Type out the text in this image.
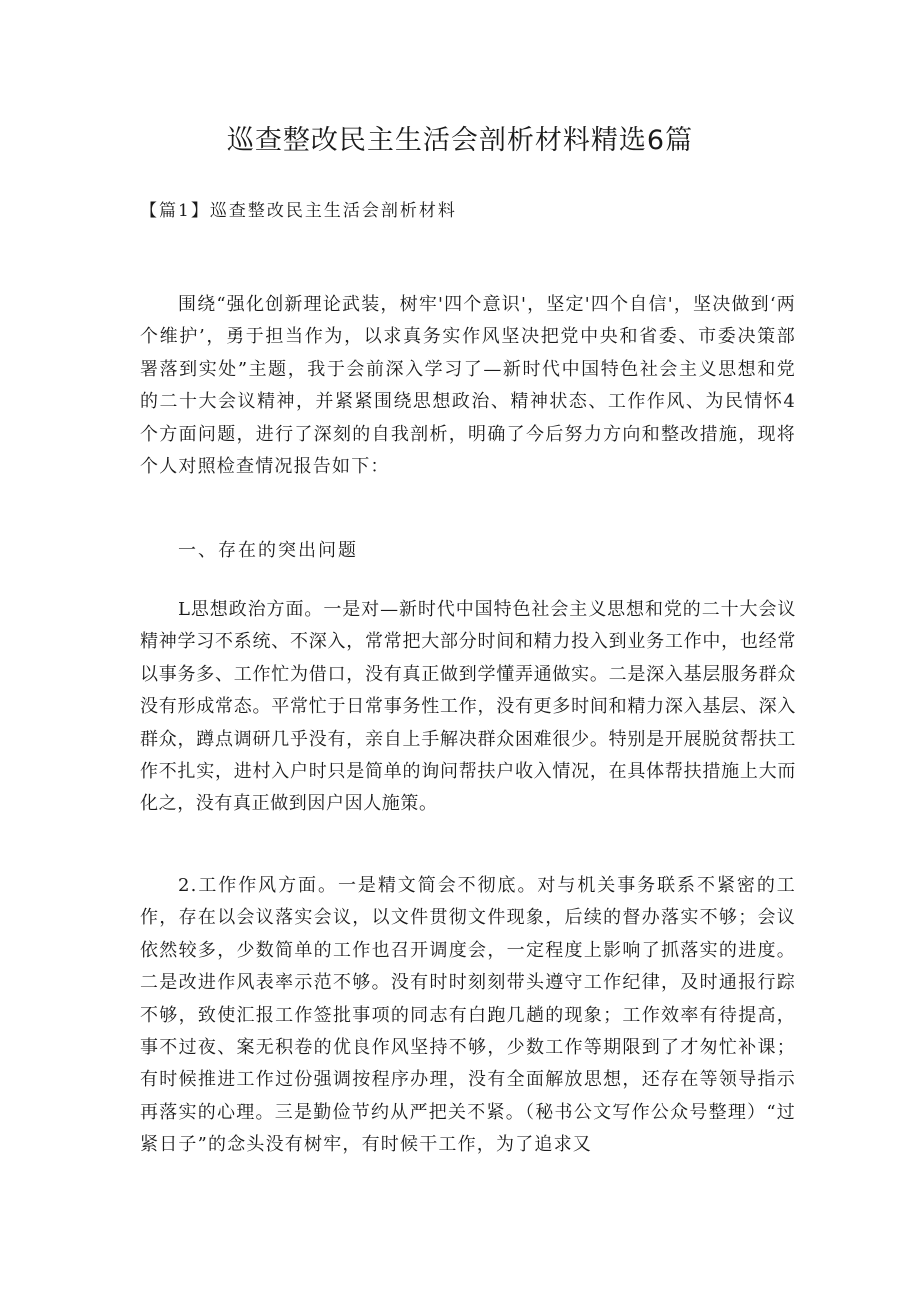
巡查整改民主生活会剖析材料精选6篇

【篇1】巡查整改民主生活会剖析材料

围绕“强化创新理论武装，树牢'四个意识'，坚定'四个自信'，坚决做到‘两个维护’，勇于担当作为，以求真务实作风坚决把党中央和省委、市委决策部署落到实处”主题，我于会前深入学习了—新时代中国特色社会主义思想和党的二十大会议精神，并紧紧围绕思想政治、精神状态、工作作风、为民情怀4个方面问题，进行了深刻的自我剖析，明确了今后努力方向和整改措施，现将个人对照检查情况报告如下：

一、存在的突出问题

L思想政治方面。一是对—新时代中国特色社会主义思想和党的二十大会议精神学习不系统、不深入，常常把大部分时间和精力投入到业务工作中，也经常以事务多、工作忙为借口，没有真正做到学懂弄通做实。二是深入基层服务群众没有形成常态。平常忙于日常事务性工作，没有更多时间和精力深入基层、深入群众，蹲点调研几乎没有，亲自上手解决群众困难很少。特别是开展脱贫帮扶工作不扎实，进村入户时只是简单的询问帮扶户收入情况，在具体帮扶措施上大而化之，没有真正做到因户因人施策。

2.工作作风方面。一是精文简会不彻底。对与机关事务联系不紧密的工作，存在以会议落实会议，以文件贯彻文件现象，后续的督办落实不够；会议依然较多，少数简单的工作也召开调度会，一定程度上影响了抓落实的进度。二是改进作风表率示范不够。没有时时刻刻带头遵守工作纪律，及时通报行踪不够，致使汇报工作签批事项的同志有白跑几趟的现象；工作效率有待提高，事不过夜、案无积卷的优良作风坚持不够，少数工作等期限到了才匆忙补课；有时候推进工作过份强调按程序办理，没有全面解放思想，还存在等领导指示再落实的心理。三是勤俭节约从严把关不紧。（秘书公文写作公众号整理）“过紧日子”的念头没有树牢，有时候干工作，为了追求又
